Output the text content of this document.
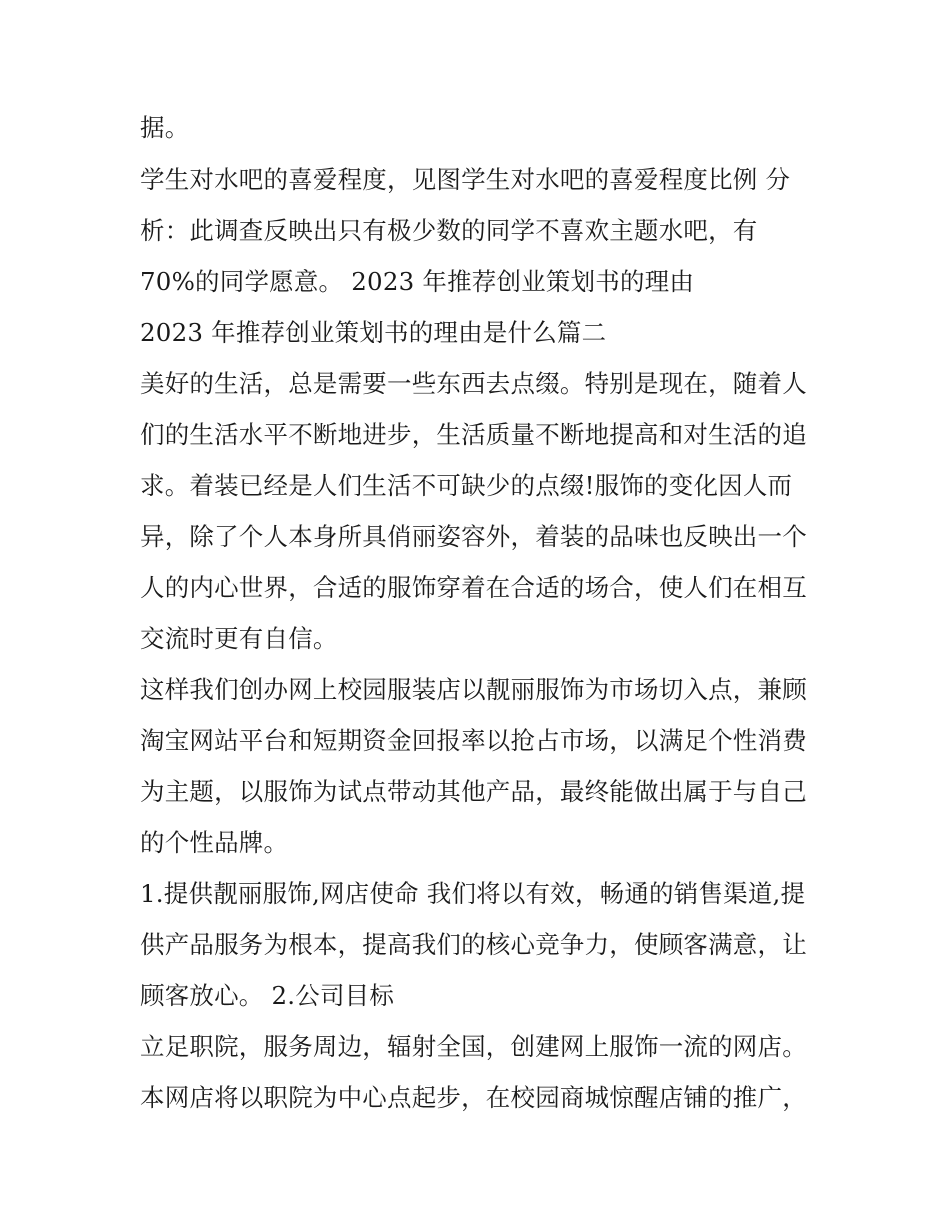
据。
学生对水吧的喜爱程度，见图学生对水吧的喜爱程度比例 分
析：此调查反映出只有极少数的同学不喜欢主题水吧，有
70%的同学愿意。 2023 年推荐创业策划书的理由
2023 年推荐创业策划书的理由是什么篇二
美好的生活，总是需要一些东西去点缀。特别是现在，随着人
们的生活水平不断地进步，生活质量不断地提高和对生活的追
求。着装已经是人们生活不可缺少的点缀!服饰的变化因人而
异，除了个人本身所具俏丽姿容外，着装的品味也反映出一个
人的内心世界，合适的服饰穿着在合适的场合，使人们在相互
交流时更有自信。
这样我们创办网上校园服装店以靓丽服饰为市场切入点，兼顾
淘宝网站平台和短期资金回报率以抢占市场，以满足个性消费
为主题，以服饰为试点带动其他产品，最终能做出属于与自己
的个性品牌。
1.提供靓丽服饰,网店使命 我们将以有效，畅通的销售渠道,提
供产品服务为根本，提高我们的核心竞争力，使顾客满意，让
顾客放心。 2.公司目标
立足职院，服务周边，辐射全国，创建网上服饰一流的网店。
本网店将以职院为中心点起步，在校园商城惊醒店铺的推广，
